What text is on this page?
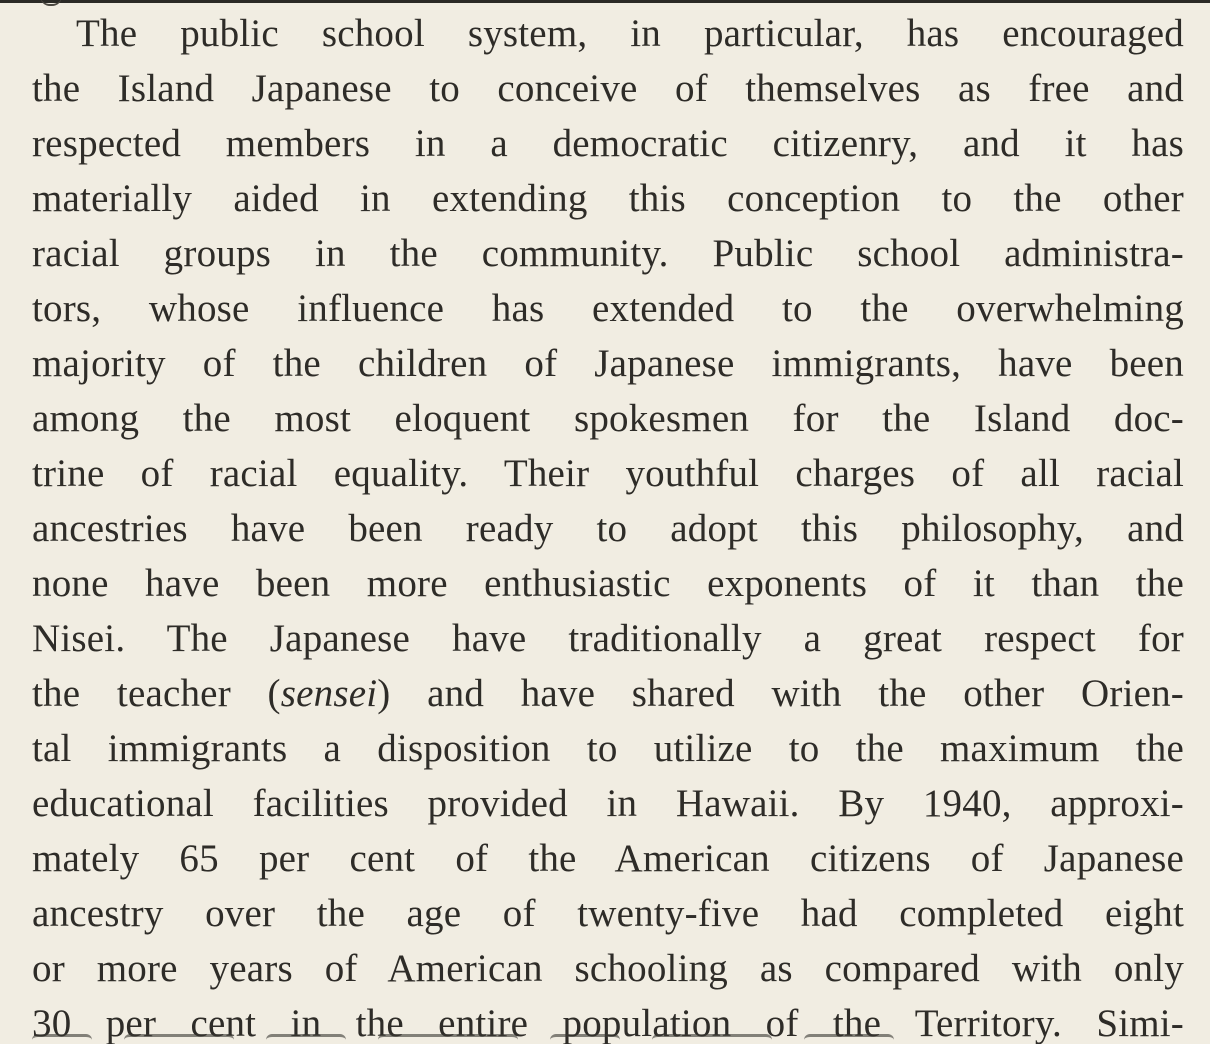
The public school system, in particular, has encouraged
the Island Japanese to conceive of themselves as free and
respected members in a democratic citizenry, and it has
materially aided in extending this conception to the other
racial groups in the community. Public school administra-
tors, whose influence has extended to the overwhelming
majority of the children of Japanese immigrants, have been
among the most eloquent spokesmen for the Island doc-
trine of racial equality. Their youthful charges of all racial
ancestries have been ready to adopt this philosophy, and
none have been more enthusiastic exponents of it than the
Nisei. The Japanese have traditionally a great respect for
the teacher (sensei) and have shared with the other Orien-
tal immigrants a disposition to utilize to the maximum the
educational facilities provided in Hawaii. By 1940, approxi-
mately 65 per cent of the American citizens of Japanese
ancestry over the age of twenty-five had completed eight
or more years of American schooling as compared with only
30 per cent in the entire population of the Territory. Simi-
